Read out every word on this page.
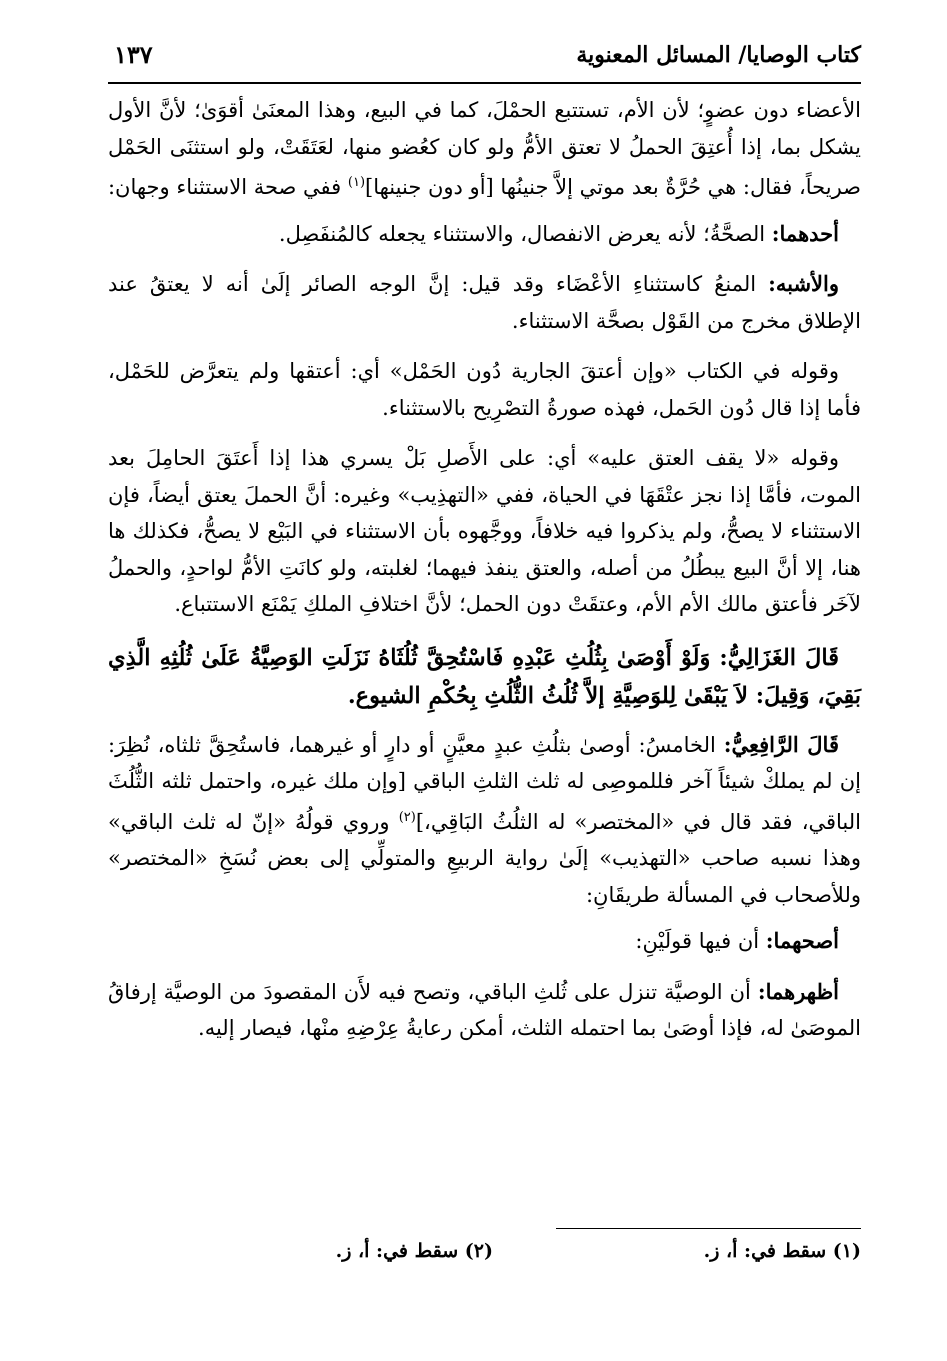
كتاب الوصايا/ المسائل المعنوية
١٣٧

الأعضاء دون عضوٍ؛ لأن الأم، تستتبع الحمْلَ، كما في البيع، وهذا المعنَىٰ أقوَىٰ؛ لأنَّ الأول يشكل بما، إذا أُعتِقَ الحملُ لا تعتق الأمُّ ولو كان كعُضو منها، لعَتَقَتْ، ولو استثنَى الحَمْل صريحاً، فقال: هي حُرَّةٌ بعد موتي إلاَّ جنينُها [أو دون جنينها]$^{(١)}$ ففي صحة الاستثناء وجهان:

أحدهما: الصحَّةُ؛ لأنه يعرض الانفصال، والاستثناء يجعله كالمُنفَصِل.

والأشبه: المنعُ كاستثناءِ الأعْضَاء وقد قيل: إنَّ الوجه الصائر إلَىٰ أنه لا يعتقُ عند الإطلاق مخرج من القَوْل بصحَّة الاستثناء.

وقوله في الكتاب «وإن أعتقَ الجارية دُون الحَمْل» أي: أعتقها ولم يتعرَّض للحَمْل، فأما إذا قال دُون الحَمل، فهذه صورةُ التصْرِيح بالاستثناء.

وقوله «لا يقف العتق عليه» أي: على الأَصلِ بَلْ يسري هذا إذا أَعتَقَ الحامِلَ بعد الموت، فأمَّا إذا نجز عتْقَهَا في الحياة، ففي «التهذِيب» وغيره: أنَّ الحملَ يعتق أيضاً، فإن الاستثناء لا يصحُّ، ولم يذكروا فيه خلافاً، ووجَّهوه بأن الاستثناء في البَيْع لا يصحُّ، فكذلك ها هنا، إلا أنَّ البيع يبطُلُ من أصله، والعتق ينفذ فيهما؛ لغلبته، ولو كانَتِ الأمُّ لواحدٍ، والحملُ لآخَر فأعتق مالك الأم الأم، وعتقَتْ دون الحمل؛ لأنَّ اختلافِ الملكِ يَمْنَع الاستتباع.

قَالَ الغَزَالِيُّ: وَلَوْ أَوْصَىٰ بِثُلُثِ عَبْدِهِ فَاسْتُحِقَّ ثُلُثَاهُ نَزَلَتِ الوَصِيَّةُ عَلَىٰ ثُلُثِهِ الَّذِي بَقِيَ، وَقِيلَ: لاَ يَبْقَىٰ لِلوَصِيَّةِ إلاَّ ثُلُثُ الثُّلُثِ بِحُكْمِ الشيوع.

قَالَ الرَّافِعِيُّ: الخامسُ: أوصىٰ بثلُثِ عبدٍ معيَّنٍ أو دارٍ أو غيرهما، فاستُحِقَّ ثلثاه، نُظِرَ: إن لم يملكْ شيئاً آخر فللموصِى له ثلث الثلثِ الباقي [وإن ملك غيره، واحتمل ثلثه الثُّلُثَ الباقي، فقد قال في «المختصر» له الثلُثُ البَاقِي،]$^{(٢)}$ وروي قولُهُ «إنّ له ثلث الباقي» وهذا نسبه صاحب «التهذيب» إلَىٰ رواية الربيعِ والمتولِّي إلى بعض نُسَخِ «المختصر» وللأصحاب في المسألة طريقَانِ:

أصحهما: أن فيها قولَيْنِ:

أظهرهما: أن الوصيَّة تنزل على ثُلثِ الباقي، وتصح فيه لأَن المقصودَ من الوصيَّة إرفاقُ الموصَىٰ له، فإذا أوصَىٰ بما احتمله الثلث، أمكن رعايةُ عِرْضِهِ منْها، فيصار إليه.

(١) سقط في: أ، ز.
(٢) سقط في: أ، ز.
